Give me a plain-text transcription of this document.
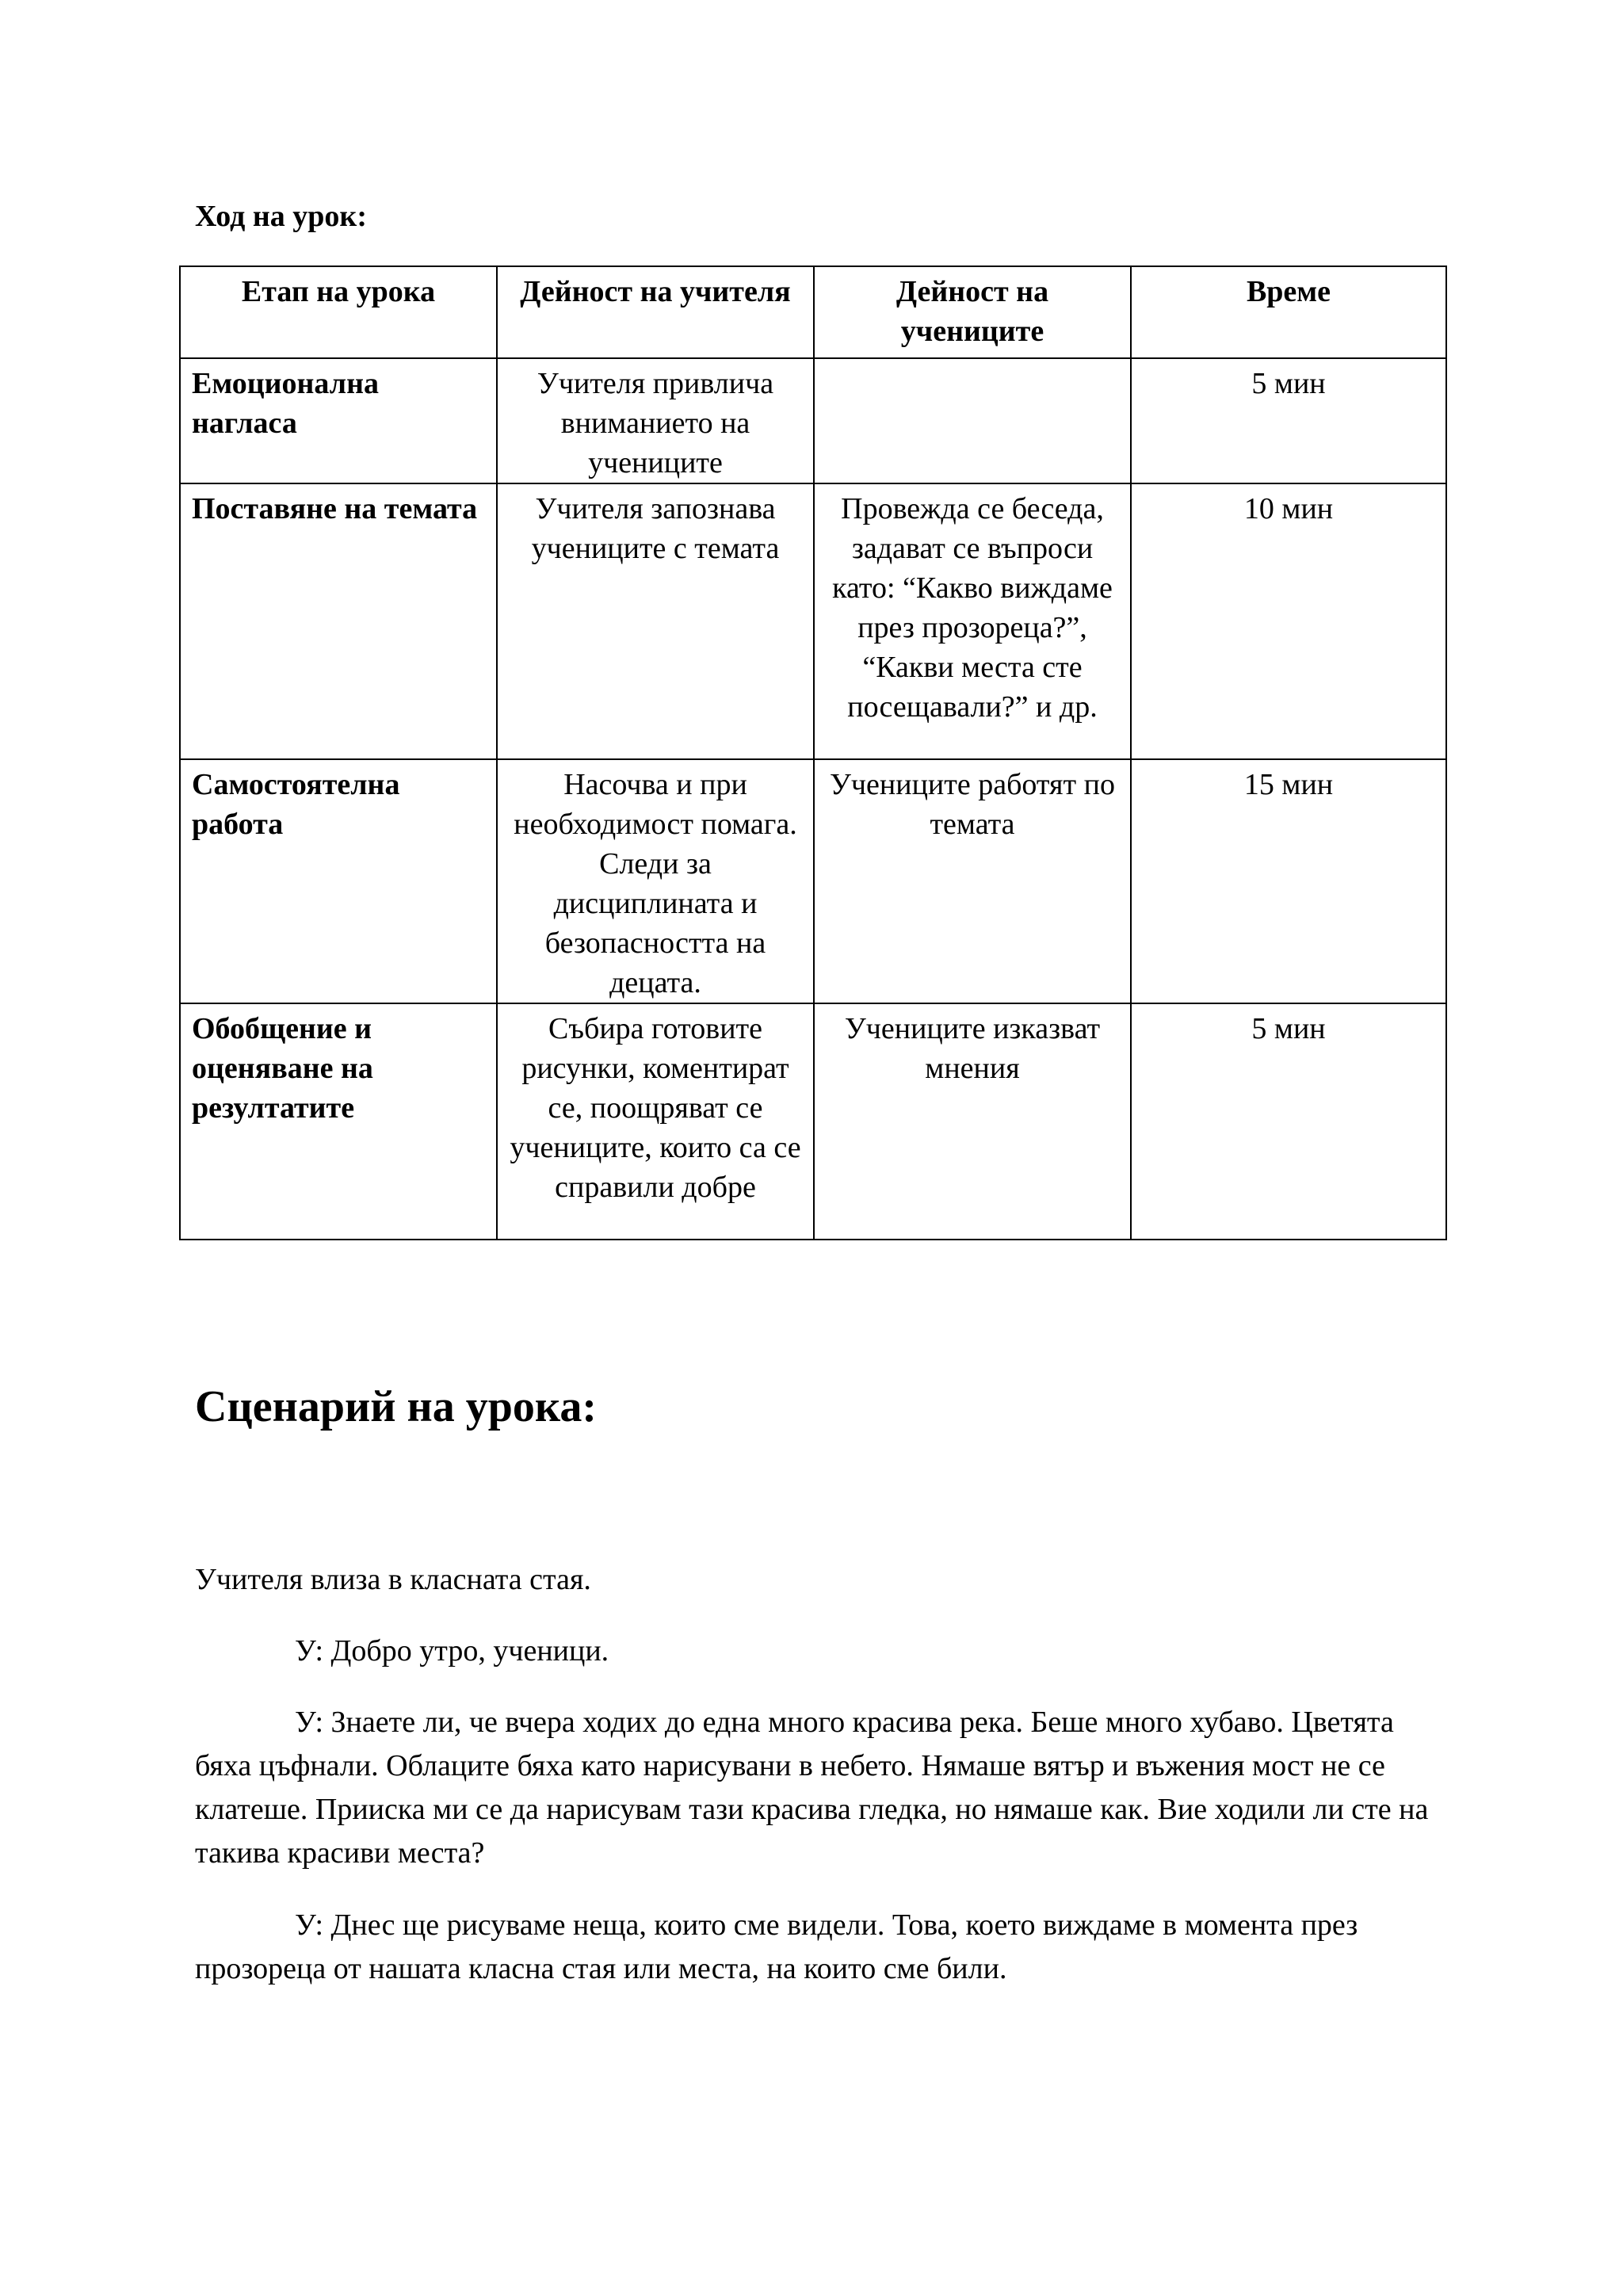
Ход на урок:
Етап на урока	Дейност на учителя	Дейност на учениците	Време
Емоционална нагласа	Учителя привлича вниманието на учениците		5 мин
Поставяне на темата	Учителя запознава учениците с темата	Провежда се беседа, задават се въпроси като: “Какво виждаме през прозореца?”, “Какви места сте посещавали?” и др.	10 мин
Самостоятелна работа	Насочва и при необходимост помага. Следи за дисциплината и безопасността на децата.	Учениците работят по темата	15 мин
Обобщение и оценяване на резултатите	Събира готовите рисунки, коментират се, поощряват се учениците, които са се справили добре	Учениците изказват мнения	5 мин
Сценарий на урока:

Учителя влиза в класната стая.

У: Добро утро, ученици.

У: Знаете ли, че вчера ходих до една много красива река. Беше много хубаво. Цветята бяха цъфнали. Облаците бяха като нарисувани в небето. Нямаше вятър и въжения мост не се клатеше. Прииска ми се да нарисувам тази красива гледка, но нямаше как. Вие ходили ли сте на такива красиви места?

У: Днес ще рисуваме неща, които сме видели. Това, което виждаме в момента през прозореца от нашата класна стая или места, на които сме били.
